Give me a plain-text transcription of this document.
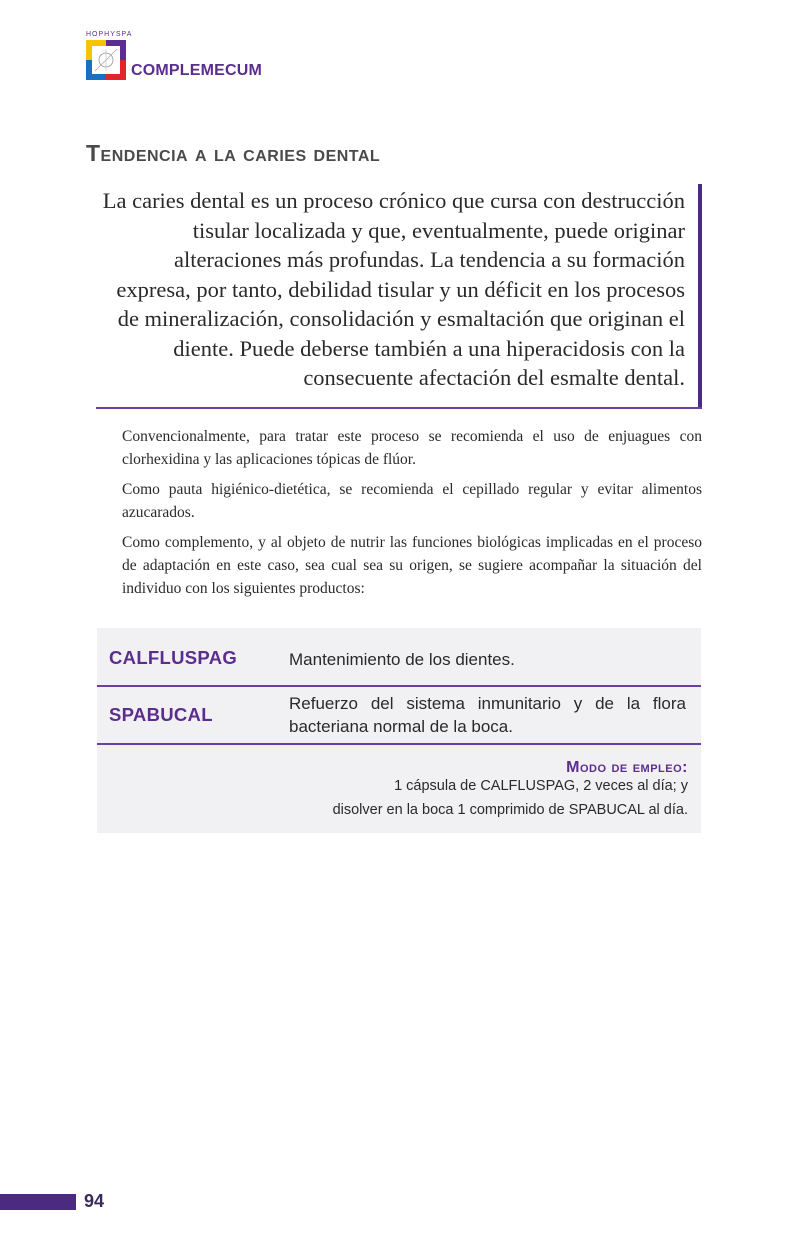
HOPHYSPA
COMPLEMECUM
Tendencia a la caries dental
La caries dental es un proceso crónico que cursa con destrucción tisular localizada y que, eventualmente, puede originar alteraciones más profundas. La tendencia a su formación expresa, por tanto, debilidad tisular y un déficit en los procesos de mineralización, consolidación y esmaltación que originan el diente. Puede deberse también a una hiperacidosis con la consecuente afectación del esmalte dental.

Convencionalmente, para tratar este proceso se recomienda el uso de enjuagues con clorhexidina y las aplicaciones tópicas de flúor.

Como pauta higiénico-dietética, se recomienda el cepillado regular y evitar alimentos azucarados.

Como complemento, y al objeto de nutrir las funciones biológicas implicadas en el proceso de adaptación en este caso, sea cual sea su origen, se sugiere acompañar la situación del individuo con los siguientes productos:

CALFLUSPAG	Mantenimiento de los dientes.
SPABUCAL
Refuerzo del sistema inmunitario y de la flora bacteriana normal de la boca.
Modo de empleo:
1 cápsula de CALFLUSPAG, 2 veces al día; y
disolver en la boca 1 comprimido de SPABUCAL al día.
94
